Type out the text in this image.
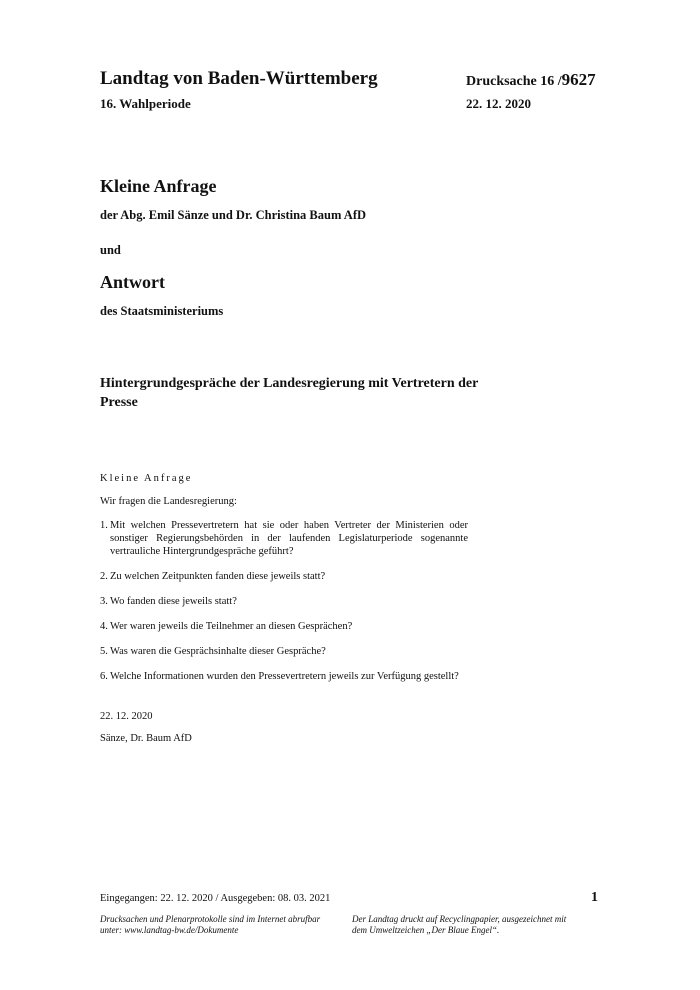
Landtag von Baden-Württemberg
16. Wahlperiode
Drucksache 16 /9627
22. 12. 2020
Kleine Anfrage
der Abg. Emil Sänze und Dr. Christina Baum AfD
und
Antwort
des Staatsministeriums
Hintergrundgespräche der Landesregierung mit Vertretern der Presse
Kleine Anfrage
Wir fragen die Landesregierung:
1. Mit welchen Pressevertretern hat sie oder haben Vertreter der Ministerien oder sonstiger Regierungsbehörden in der laufenden Legislaturperiode sogenannte vertrauliche Hintergrundgespräche geführt?
2. Zu welchen Zeitpunkten fanden diese jeweils statt?
3. Wo fanden diese jeweils statt?
4. Wer waren jeweils die Teilnehmer an diesen Gesprächen?
5. Was waren die Gesprächsinhalte dieser Gespräche?
6. Welche Informationen wurden den Pressevertretern jeweils zur Verfügung gestellt?
22. 12. 2020
Sänze, Dr. Baum AfD
Eingegangen: 22. 12. 2020 / Ausgegeben: 08. 03. 2021	1
Drucksachen und Plenarprotokolle sind im Internet abrufbar unter: www.landtag-bw.de/Dokumente
Der Landtag druckt auf Recyclingpapier, ausgezeichnet mit dem Umweltzeichen „Der Blaue Engel“.
